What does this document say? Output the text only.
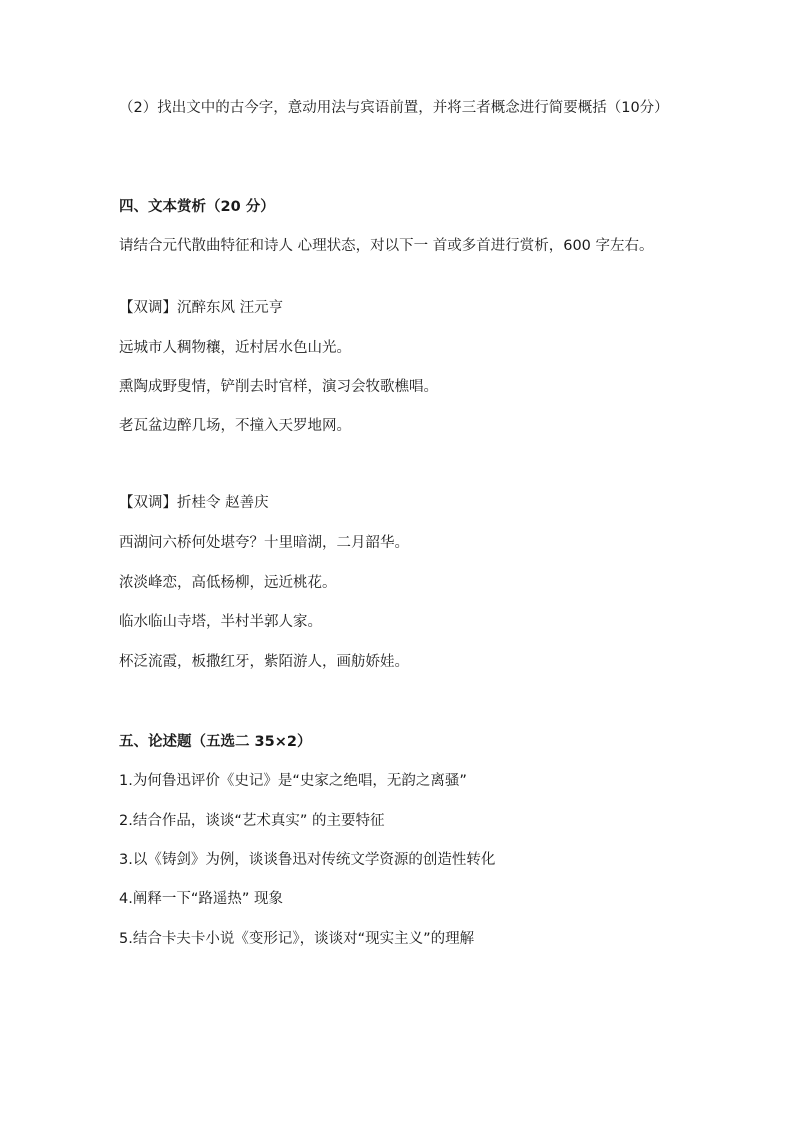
（2）找出文中的古今字，意动用法与宾语前置，并将三者概念进行简要概括（10分）
四、文本赏析（20 分）
请结合元代散曲特征和诗人 心理状态，对以下一 首或多首进行赏析，600 字左右。
【双调】沉醉东风 汪元亨
远城市人稠物穰，近村居水色山光。
熏陶成野叟情，铲削去时官样，演习会牧歌樵唱。
老瓦盆边醉几场，不撞入天罗地网。
【双调】折桂令 赵善庆
西湖问六桥何处堪夸？十里暗湖，二月韶华。
浓淡峰恋，高低杨柳，远近桃花。
临水临山寺塔，半村半郭人家。
杯泛流霞，板撒红牙，紫陌游人，画舫娇娃。
五、论述题（五选二 35×2）
1.为何鲁迅评价《史记》是“史家之绝唱，无韵之离骚”
2.结合作品，谈谈“艺术真实” 的主要特征
3.以《铸剑》为例，谈谈鲁迅对传统文学资源的创造性转化
4.阐释一下“路遥热” 现象
5.结合卡夫卡小说《变形记》，谈谈对“现实主义”的理解
